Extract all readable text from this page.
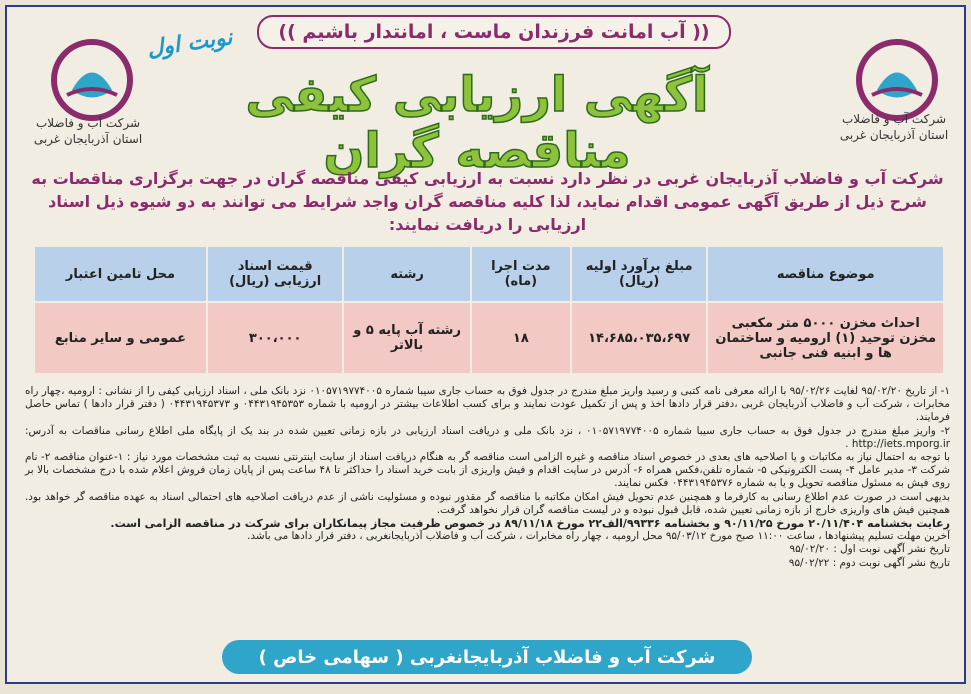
(( آب امانت فرزندان ماست ، امانتدار باشیم ))
نوبت اول
شرکت آب و فاضلاب
استان آذربایجان غربی
شرکت آب و فاضلاب
استان آذربایجان غربی
آگهی ارزیابی کیفی مناقصه گران
شرکت آب و فاضلاب آذربایجان غربی در نظر دارد نسبت به ارزیابی کیفی مناقصه گران در جهت برگزاری مناقصات به شرح ذیل از طریق آگهی عمومی اقدام نماید، لذا کلیه مناقصه گران واجد شرایط می توانند به دو شیوه ذیل اسناد ارزیابی را دریافت نمایند:
موضوع مناقصه	مبلغ برآورد اولیه (ریال)	مدت اجرا (ماه)	رشته	قیمت اسناد ارزیابی (ریال)	محل تامین اعتبار
احداث مخزن ۵۰۰۰ متر مکعبی مخزن توحید (۱) ارومیه و ساختمان ها و ابنیه فنی جانبی	۱۴،۶۸۵،۰۳۵،۶۹۷	۱۸	رشته آب پایه ۵ و بالاتر	۳۰۰،۰۰۰	عمومی و سایر منابع

۱- از تاریخ ۹۵/۰۲/۲۰ لغایت ۹۵/۰۲/۲۶ با ارائه معرفی نامه کتبی و رسید واریز مبلغ مندرج در جدول فوق به حساب جاری سیبا شماره ۰۱۰۵۷۱۹۷۷۴۰۰۵ نزد بانک ملی ، اسناد ارزیابی کیفی را از نشانی : ارومیه ،چهار راه مخابرات ، شرکت آب و فاضلاب آذربایجان غربی ،دفتر قرار دادها اخذ و پس از تکمیل عودت نمایند و برای کسب اطلاعات بیشتر در ارومیه با شماره ۰۴۴۳۱۹۴۵۳۵۳ و ۰۴۴۳۱۹۴۵۳۷۳ ( دفتر قرار دادها ) تماس حاصل فرمایند.

۲- واریز مبلغ مندرج در جدول فوق به حساب جاری سیبا شماره ۰۱۰۵۷۱۹۷۷۴۰۰۵ ، نزد بانک ملی و دریافت اسناد ارزیابی در بازه زمانی تعیین شده در بند یک از پایگاه ملی اطلاع رسانی مناقصات به آدرس: http://iets.mporg.ir .

با توجه به احتمال نیاز به مکاتبات و یا اصلاحیه های بعدی در خصوص اسناد مناقصه و غیره الزامی است مناقصه گر به هنگام دریافت اسناد از سایت اینترنتی نسبت به ثبت مشخصات مورد نیاز : ۱-عنوان مناقصه ۲- نام شرکت ۳- مدیر عامل ۴- پست الکترونیکی ۵- شماره تلفن،فکس همراه ۶- آدرس در سایت اقدام و فیش واریزی از بابت خرید اسناد را حداکثر تا ۴۸ ساعت پس از پایان زمان فروش اعلام شده با درج مشخصات بالا بر روی فیش به مسئول مناقصه تحویل و یا به شماره ۰۴۴۳۱۹۴۵۳۷۶ فکس نمایند.

بدیهی است در صورت عدم اطلاع رسانی به کارفرما و همچنین عدم تحویل فیش امکان مکاتبه با مناقصه گر مقدور نبوده و مسئولیت ناشی از عدم دریافت اصلاحیه های احتمالی اسناد به عهده مناقصه گر خواهد بود. همچنین فیش های واریزی خارج از بازه زمانی تعیین شده، قابل قبول نبوده و در لیست مناقصه گران قرار نخواهد گرفت.

رعایت بخشنامه ۲۰/۱۱/۴۰۴ مورخ ۹۰/۱۱/۲۵ و بخشنامه ۹۹۳۳۶/الف۲۲ مورخ ۸۹/۱۱/۱۸ در خصوص ظرفیت مجاز پیمانکاران برای شرکت در مناقصه الزامی است.

آخرین مهلت تسلیم پیشنهادها ، ساعت ۱۱:۰۰ صبح مورخ ۹۵/۰۳/۱۲ محل ارومیه ، چهار راه مخابرات ، شرکت آب و فاضلاب آذربایجانغربی ، دفتر قرار دادها می باشد.

تاریخ نشر آگهی نوبت اول : ۹۵/۰۲/۲۰

تاریخ نشر آگهی نوبت دوم : ۹۵/۰۲/۲۲

شرکت آب و فاضلاب آذربایجانغربی ( سهامی خاص )
